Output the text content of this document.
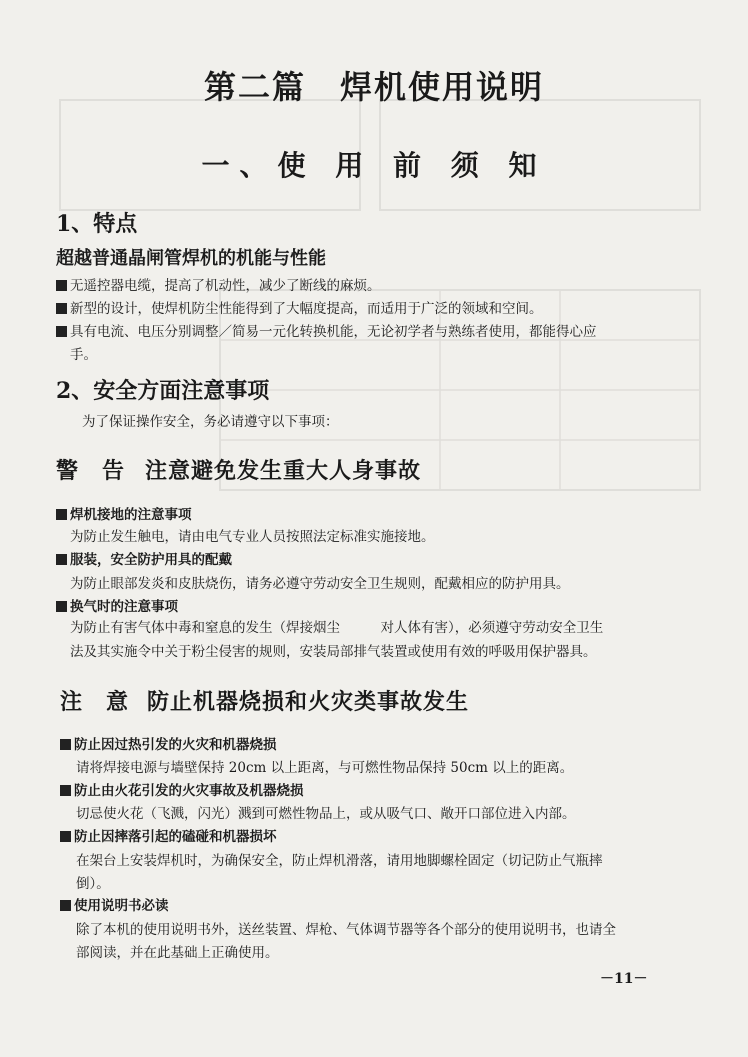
第二篇　焊机使用说明
一、使 用 前 须 知
1、特点
超越普通晶闸管焊机的机能与性能
无遥控器电缆，提高了机动性，减少了断线的麻烦。
新型的设计，使焊机防尘性能得到了大幅度提高，而适用于广泛的领域和空间。
具有电流、电压分别调整／简易一元化转换机能，无论初学者与熟练者使用，都能得心应
手。
2、安全方面注意事项
为了保证操作安全，务必请遵守以下事项：
警　告 注意避免发生重大人身事故
焊机接地的注意事项
为防止发生触电，请由电气专业人员按照法定标准实施接地。
服装，安全防护用具的配戴
为防止眼部发炎和皮肤烧伤，请务必遵守劳动安全卫生规则，配戴相应的防护用具。
换气时的注意事项
为防止有害气体中毒和窒息的发生（焊接烟尘　　　对人体有害），必须遵守劳动安全卫生
法及其实施令中关于粉尘侵害的规则，安装局部排气装置或使用有效的呼吸用保护器具。
注　意 防止机器烧损和火灾类事故发生
防止因过热引发的火灾和机器烧损
请将焊接电源与墙壁保持 20cm 以上距离，与可燃性物品保持 50cm 以上的距离。
防止由火花引发的火灾事故及机器烧损
切忌使火花（飞溅，闪光）溅到可燃性物品上，或从吸气口、敞开口部位进入内部。
防止因摔落引起的磕碰和机器损坏
在架台上安装焊机时，为确保安全，防止焊机滑落，请用地脚螺栓固定（切记防止气瓶摔
倒）。
使用说明书必读
除了本机的使用说明书外，送丝装置、焊枪、气体调节器等各个部分的使用说明书，也请全
部阅读，并在此基础上正确使用。
－11－
